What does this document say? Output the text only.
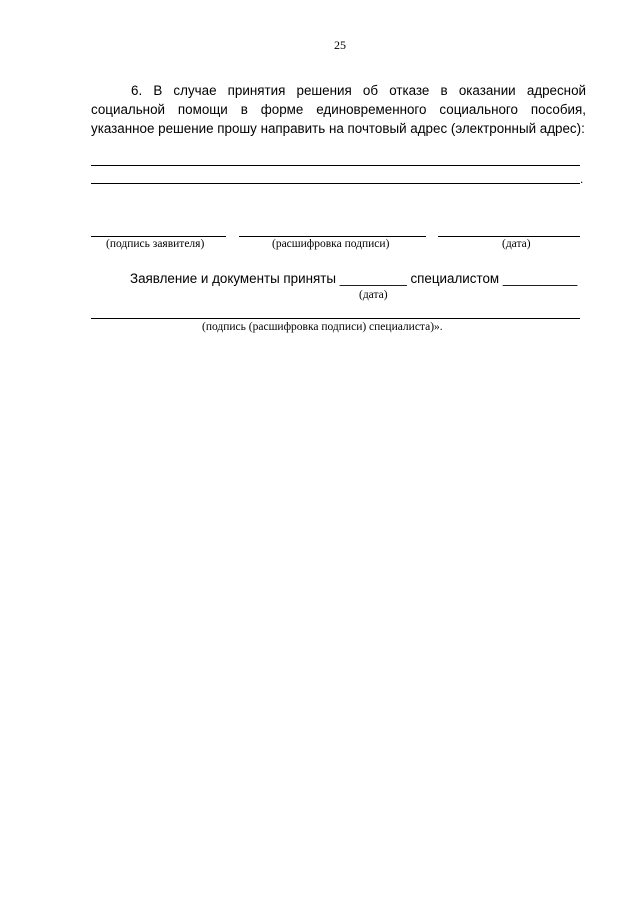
25
6. В случае принятия решения об отказе в оказании адресной социальной помощи в форме единовременного социального пособия, указанное решение прошу направить на почтовый адрес (электронный адрес):
.
(подпись заявителя)	(расшифровка подписи)	(дата)
Заявление и документы приняты _________ специалистом __________
(дата)
(подпись (расшифровка подписи) специалиста)».
